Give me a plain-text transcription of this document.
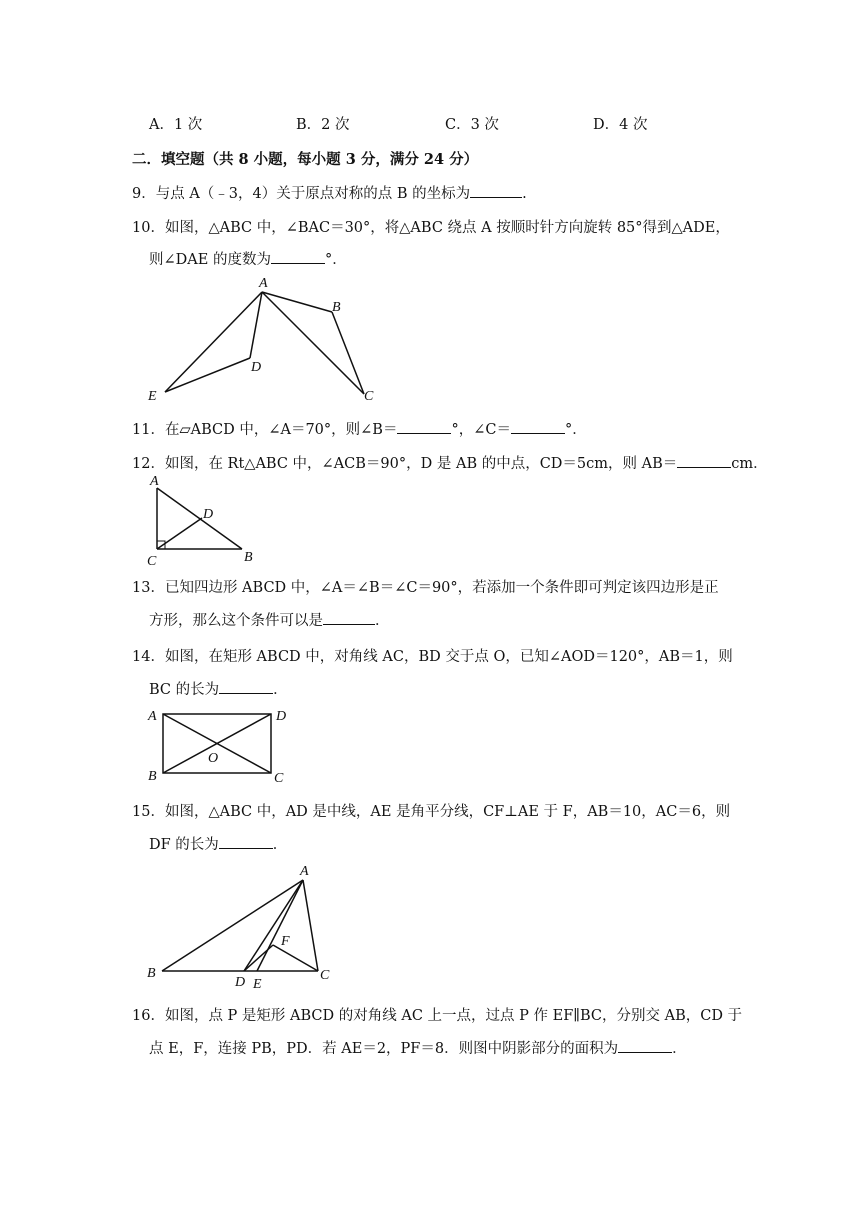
A．1 次	B．2 次	C．3 次	D．4 次
二．填空题（共 8 小题，每小题 3 分，满分 24 分）
9．与点 A（﹣3，4）关于原点对称的点 B 的坐标为	.
10．如图，△ABC 中，∠BAC＝30°，将△ABC 绕点 A 按顺时针方向旋转 85°得到△ADE，
则∠DAE 的度数为	°．
A
B
C
D
E
11．在▱ABCD 中，∠A＝70°，则∠B＝	°，∠C＝	°．
12．如图，在 Rt△ABC 中，∠ACB＝90°，D 是 AB 的中点，CD＝5cm，则 AB＝	cm．
A
B
C
D
13．已知四边形 ABCD 中，∠A＝∠B＝∠C＝90°，若添加一个条件即可判定该四边形是正
方形，那么这个条件可以是	．
14．如图，在矩形 ABCD 中，对角线 AC，BD 交于点 O，已知∠AOD＝120°，AB＝1，则
BC 的长为	．
A
B	C
D
O
15．如图，△ABC 中，AD 是中线，AE 是角平分线，CF⊥AE 于 F，AB＝10，AC＝6，则
DF 的长为	．
A
B	C
D E
F
16．如图，点 P 是矩形 ABCD 的对角线 AC 上一点，过点 P 作 EF∥BC，分别交 AB，CD 于
点 E，F，连接 PB，PD．若 AE＝2，PF＝8．则图中阴影部分的面积为	．
